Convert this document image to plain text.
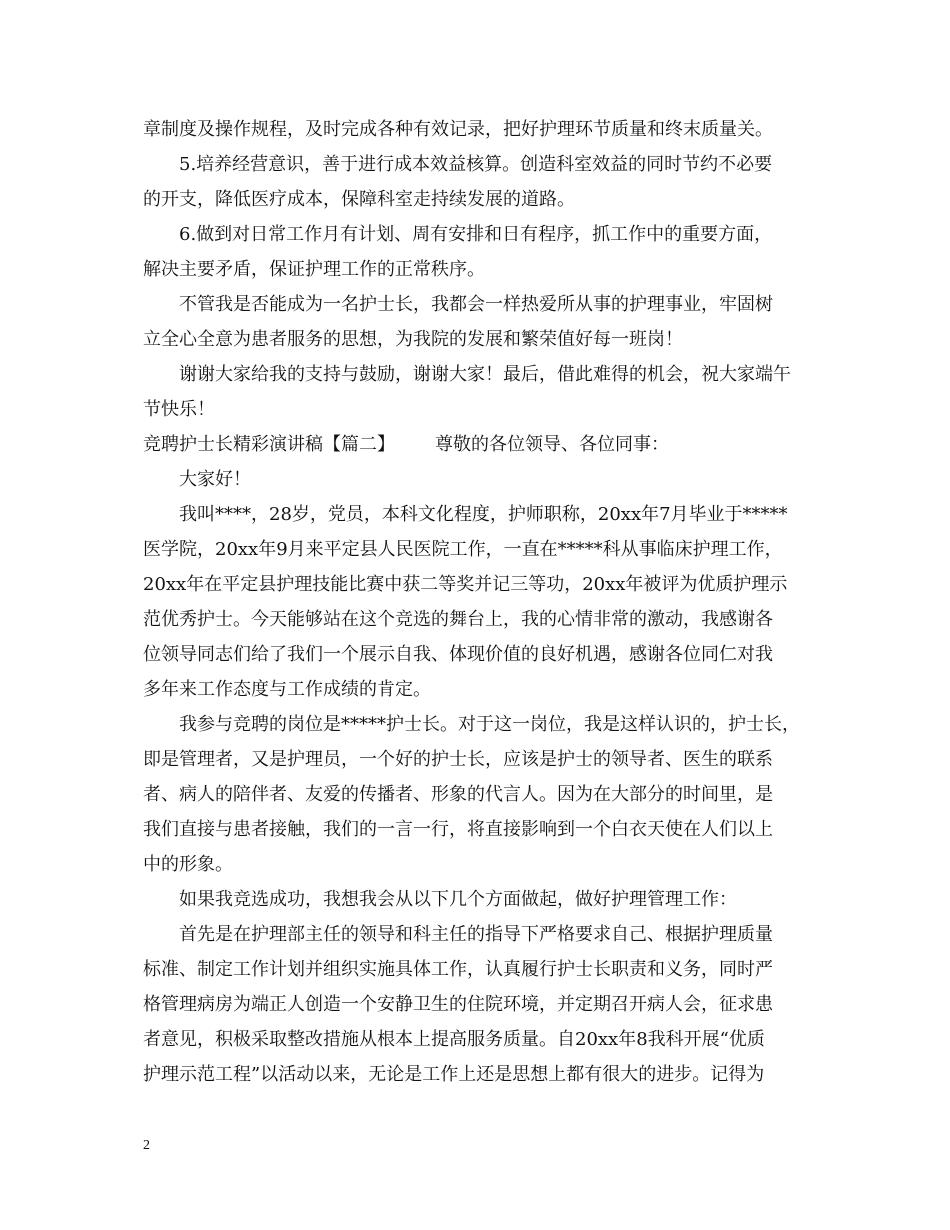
章制度及操作规程，及时完成各种有效记录，把好护理环节质量和终末质量关。
5.培养经营意识，善于进行成本效益核算。创造科室效益的同时节约不必要
的开支，降低医疗成本，保障科室走持续发展的道路。
6.做到对日常工作月有计划、周有安排和日有程序，抓工作中的重要方面，
解决主要矛盾，保证护理工作的正常秩序。
不管我是否能成为一名护士长，我都会一样热爱所从事的护理事业，牢固树
立全心全意为患者服务的思想，为我院的发展和繁荣值好每一班岗！
谢谢大家给我的支持与鼓励，谢谢大家！最后，借此难得的机会，祝大家端午
节快乐！
竞聘护士长精彩演讲稿【篇二】       尊敬的各位领导、各位同事：
大家好！
我叫****，28岁，党员，本科文化程度，护师职称，20xx年7月毕业于*****
医学院，20xx年9月来平定县人民医院工作，一直在*****科从事临床护理工作，
20xx年在平定县护理技能比赛中获二等奖并记三等功，20xx年被评为优质护理示
范优秀护士。今天能够站在这个竞选的舞台上，我的心情非常的激动，我感谢各
位领导同志们给了我们一个展示自我、体现价值的良好机遇，感谢各位同仁对我
多年来工作态度与工作成绩的肯定。
我参与竞聘的岗位是*****护士长。对于这一岗位，我是这样认识的，护士长，
即是管理者，又是护理员，一个好的护士长，应该是护士的领导者、医生的联系
者、病人的陪伴者、友爱的传播者、形象的代言人。因为在大部分的时间里，是
我们直接与患者接触，我们的一言一行，将直接影响到一个白衣天使在人们以上
中的形象。
如果我竞选成功，我想我会从以下几个方面做起，做好护理管理工作：
首先是在护理部主任的领导和科主任的指导下严格要求自己、根据护理质量
标准、制定工作计划并组织实施具体工作，认真履行护士长职责和义务，同时严
格管理病房为端正人创造一个安静卫生的住院环境，并定期召开病人会，征求患
者意见，积极采取整改措施从根本上提高服务质量。自20xx年8我科开展“优质
护理示范工程”以活动以来，无论是工作上还是思想上都有很大的进步。记得为
2
